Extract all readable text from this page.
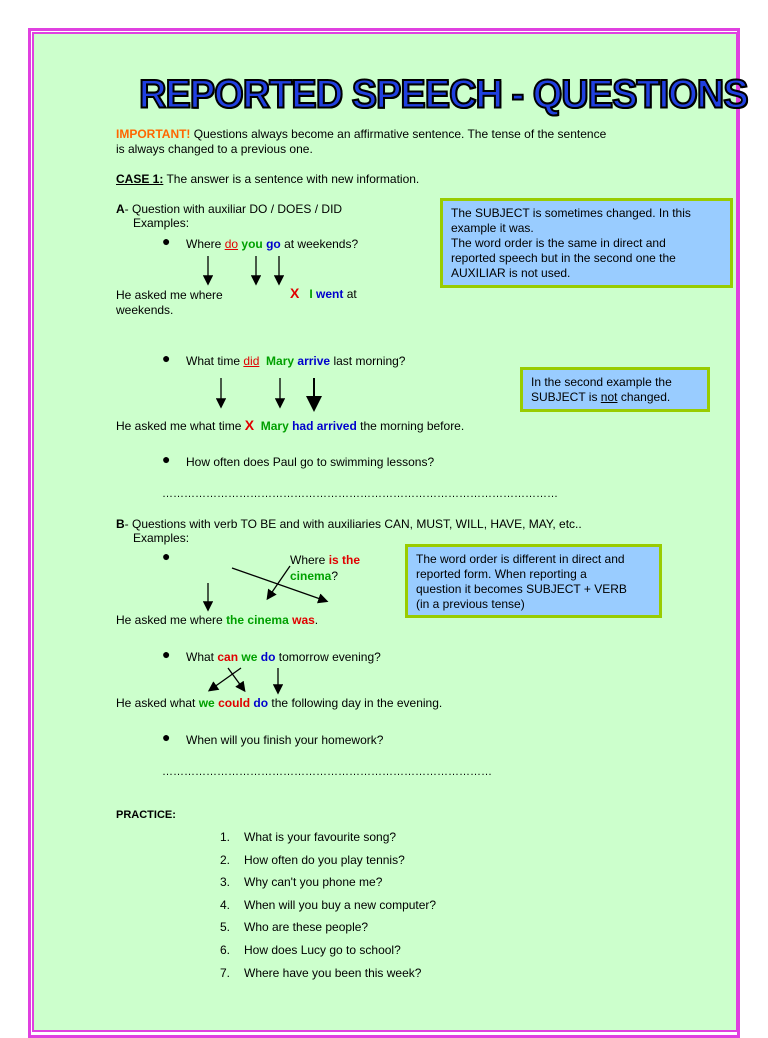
REPORTED SPEECH - QUESTIONS
IMPORTANT! Questions always become an affirmative sentence. The tense of the sentence
is always changed to a previous one.
CASE 1: The answer is a sentence with new information.
A- Question with auxiliar DO / DOES / DID
Examples:
● Where do you go at weekends?
He asked me where	X I went at
weekends.
● What time did Mary arrive last morning?
He asked me what time X Mary had arrived the morning before.
● How often does Paul go to swimming lessons?
………………………………………………………………………………………………

The SUBJECT is sometimes changed. In this

example it was.

The word order is the same in direct and

reported speech but in the second one the

AUXILIAR is not used.

In the second example the

SUBJECT is not changed.

B- Questions with verb TO BE and with auxiliaries CAN, MUST, WILL, HAVE, MAY, etc..
Examples:
●	Where is the
cinema?
He asked me where the cinema was.
● What can we do tomorrow evening?
He asked what we could do the following day in the evening.
● When will you finish your homework?
………………………………………………………………………………

The word order is different in direct and

reported form. When reporting a

question it becomes SUBJECT + VERB

(in a previous tense)

PRACTICE:
1. What is your favourite song?
2. How often do you play tennis?
3. Why can't you phone me?
4. When will you buy a new computer?
5. Who are these people?
6. How does Lucy go to school?
7. Where have you been this week?
